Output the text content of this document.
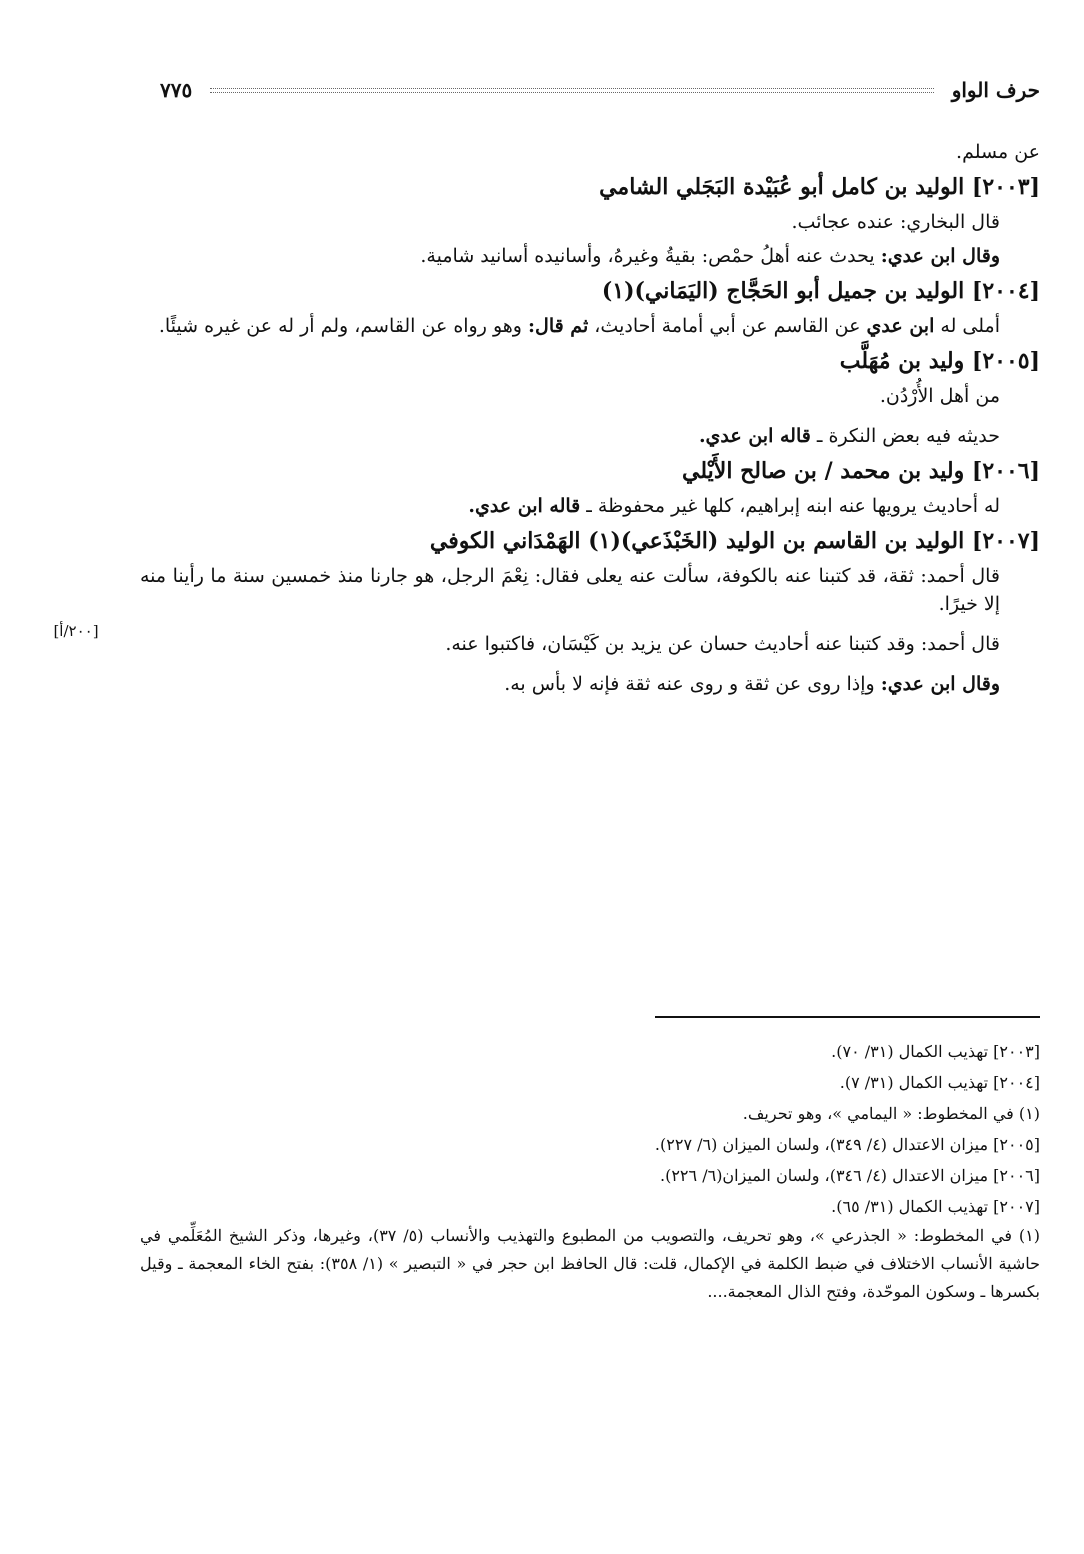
حرف الواو
٧٧٥
[٢٠٠/أ]

عن مسلم.

[٢٠٠٣] الوليد بن كامل أبو عُبَيْدة البَجَلي الشامي

قال البخاري: عنده عجائب.

وقال ابن عدي: يحدث عنه أهلُ حمْص: بقيةُ وغيرهُ، وأسانيده أسانيد شامية.

[٢٠٠٤] الوليد بن جميل أبو الحَجَّاج (اليَمَاني)(١)

أملى له ابن عدي عن القاسم عن أبي أمامة أحاديث، ثم قال: وهو رواه عن القاسم، ولم أر له عن غيره شيئًا.

[٢٠٠٥] وليد بن مُهَلَّب

من أهل الأُرْدُن.

حديثه فيه بعض النكرة ـ قاله ابن عدي.

[٢٠٠٦] وليد بن محمد / بن صالح الأَيْلي

له أحاديث يرويها عنه ابنه إبراهيم، كلها غير محفوظة ـ قاله ابن عدي.

[٢٠٠٧] الوليد بن القاسم بن الوليد (الخَبْذَعي)(١) الهَمْدَاني الكوفي

قال أحمد: ثقة، قد كتبنا عنه بالكوفة، سألت عنه يعلى فقال: نِعْمَ الرجل، هو جارنا منذ خمسين سنة ما رأينا منه إلا خيرًا.

قال أحمد: وقد كتبنا عنه أحاديث حسان عن يزيد بن كَيْسَان، فاكتبوا عنه.

وقال ابن عدي: وإذا روى عن ثقة و روى عنه ثقة فإنه لا بأس به.

[٢٠٠٣] تهذيب الكمال (٣١/ ٧٠).

[٢٠٠٤] تهذيب الكمال (٣١/ ٧).

(١) في المخطوط: « اليمامي »، وهو تحريف.

[٢٠٠٥] ميزان الاعتدال (٤/ ٣٤٩)، ولسان الميزان (٦/ ٢٢٧).

[٢٠٠٦] ميزان الاعتدال (٤/ ٣٤٦)، ولسان الميزان(٦/ ٢٢٦).

[٢٠٠٧] تهذيب الكمال (٣١/ ٦٥).

(١) في المخطوط: « الجذرعي »، وهو تحريف، والتصويب من المطبوع والتهذيب والأنساب (٥/ ٣٧)، وغيرها، وذكر الشيخ المُعَلِّمي في حاشية الأنساب الاختلاف في ضبط الكلمة في الإكمال، قلت: قال الحافظ ابن حجر في « التبصير » (١/ ٣٥٨): بفتح الخاء المعجمة ـ وقيل بكسرها ـ وسكون الموحّدة، وفتح الذال المعجمة....
